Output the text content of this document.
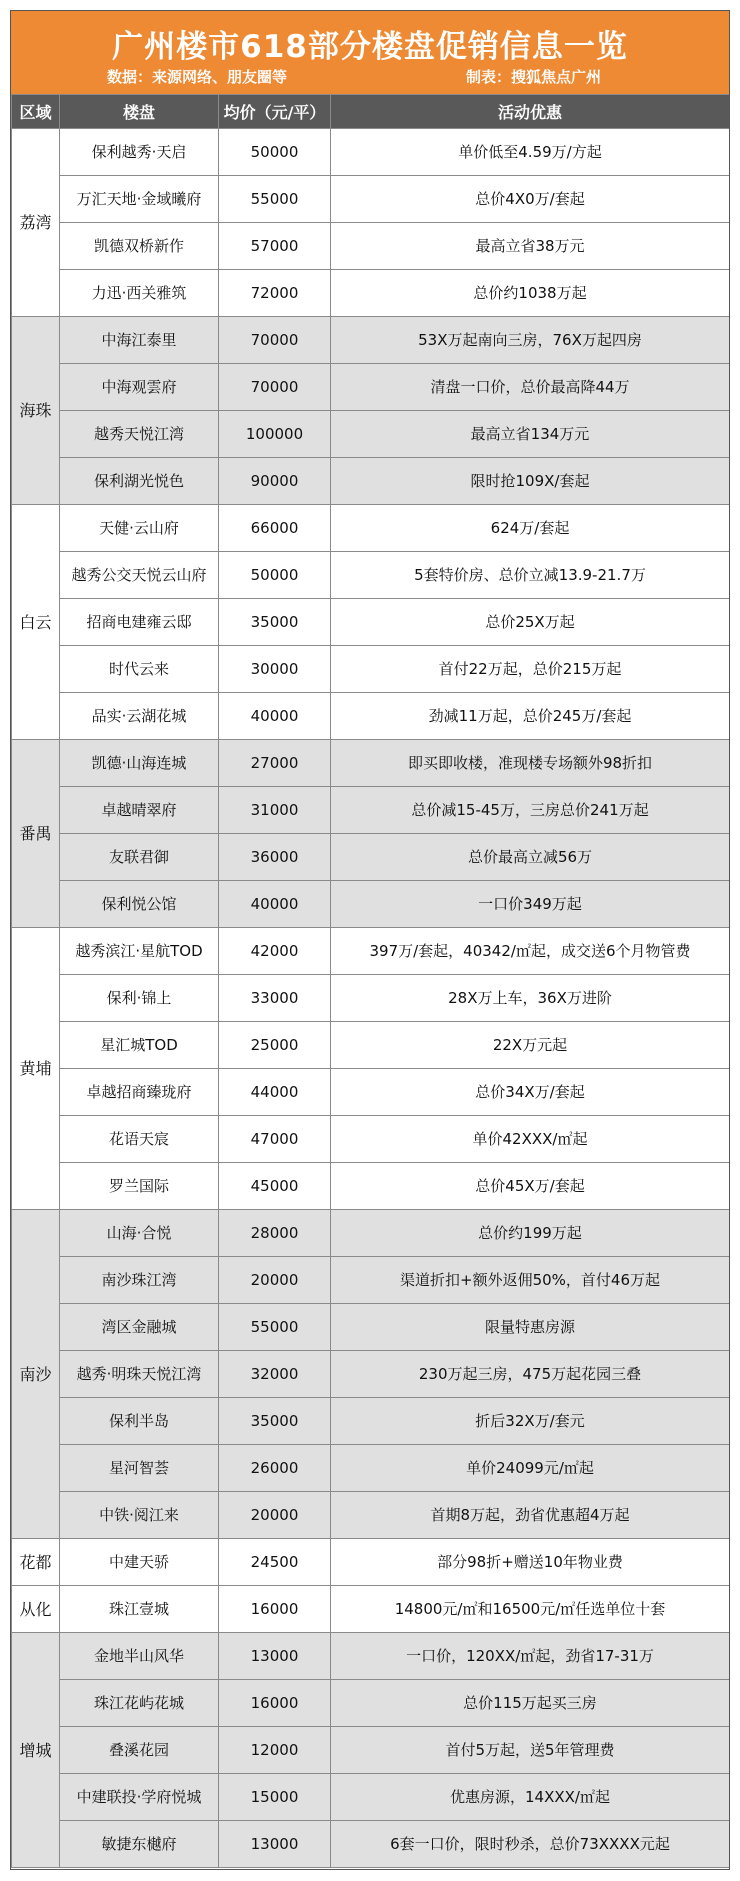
广州楼市618部分楼盘促销信息一览
数据：来源网络、朋友圈等	制表：搜狐焦点广州
区域	楼盘	均价（元/平）	活动优惠
荔湾	保利越秀·天启	50000	单价低至4.59万/方起
	万汇天地·金域曦府	55000	总价4X0万/套起
	凯德双桥新作	57000	最高立省38万元
	力迅·西关雅筑	72000	总价约1038万起
海珠	中海江泰里	70000	53X万起南向三房，76X万起四房
	中海观雲府	70000	清盘一口价，总价最高降44万
	越秀天悦江湾	100000	最高立省134万元
	保利湖光悦色	90000	限时抢109X/套起
白云	天健·云山府	66000	624万/套起
	越秀公交天悦云山府	50000	5套特价房、总价立减13.9-21.7万
	招商电建雍云邸	35000	总价25X万起
	时代云来	30000	首付22万起，总价215万起
	品实·云湖花城	40000	劲减11万起，总价245万/套起
番禺	凯德·山海连城	27000	即买即收楼，准现楼专场额外98折扣
	卓越晴翠府	31000	总价减15-45万，三房总价241万起
	友联君御	36000	总价最高立减56万
	保利悦公馆	40000	一口价349万起
黄埔	越秀滨江·星航TOD	42000	397万/套起，40342/㎡起，成交送6个月物管费
	保利·锦上	33000	28X万上车，36X万进阶
	星汇城TOD	25000	22X万元起
	卓越招商臻珑府	44000	总价34X万/套起
	花语天宸	47000	单价42XXX/㎡起
	罗兰国际	45000	总价45X万/套起
南沙	山海·合悦	28000	总价约199万起
	南沙珠江湾	20000	渠道折扣+额外返佣50%，首付46万起
	湾区金融城	55000	限量特惠房源
	越秀·明珠天悦江湾	32000	230万起三房，475万起花园三叠
	保利半岛	35000	折后32X万/套元
	星河智荟	26000	单价24099元/㎡起
	中铁·阅江来	20000	首期8万起，劲省优惠超4万起
花都	中建天骄	24500	部分98折+赠送10年物业费
从化	珠江壹城	16000	14800元/㎡和16500元/㎡任选单位十套
增城	金地半山风华	13000	一口价，120XX/㎡起，劲省17-31万
	珠江花屿花城	16000	总价115万起买三房
	叠溪花园	12000	首付5万起，送5年管理费
	中建联投·学府悦城	15000	优惠房源，14XXX/㎡起
	敏捷东樾府	13000	6套一口价，限时秒杀，总价73XXXX元起
